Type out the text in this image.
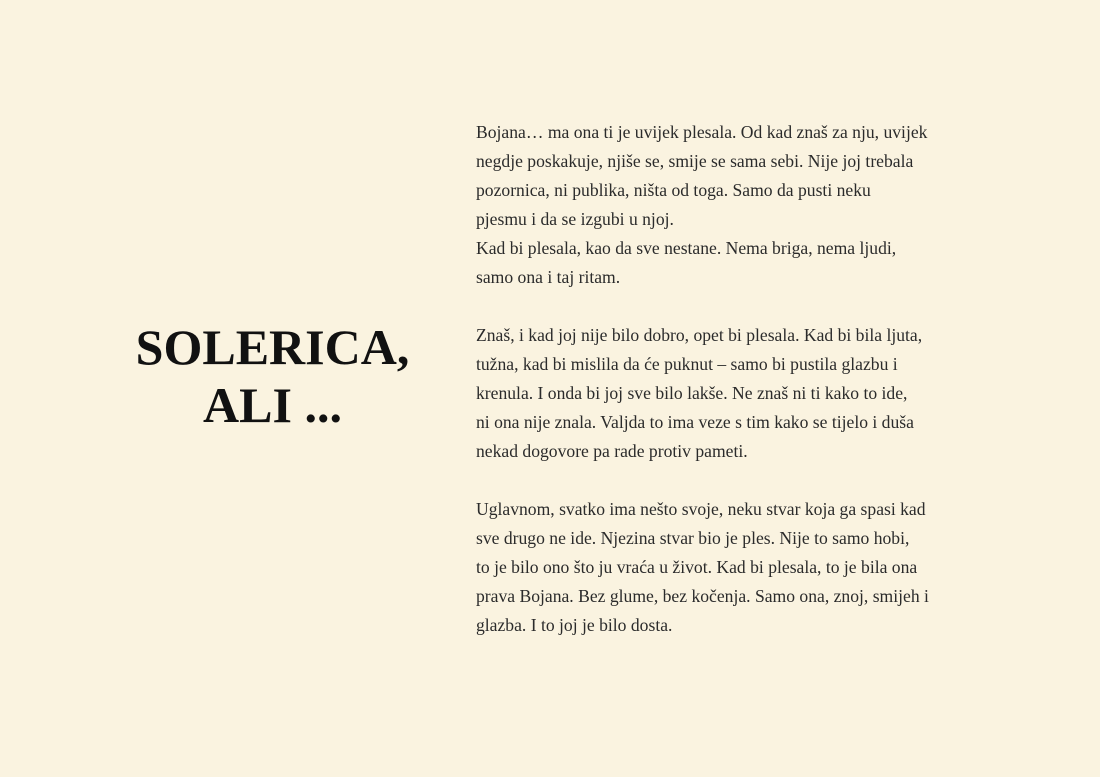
SOLERICA,
ALI ...

Bojana… ma ona ti je uvijek plesala. Od kad znaš za nju, uvijek
negdje poskakuje, njiše se, smije se sama sebi. Nije joj trebala
pozornica, ni publika, ništa od toga. Samo da pusti neku
pjesmu i da se izgubi u njoj.
Kad bi plesala, kao da sve nestane. Nema briga, nema ljudi,
samo ona i taj ritam.

Znaš, i kad joj nije bilo dobro, opet bi plesala. Kad bi bila ljuta,
tužna, kad bi mislila da će puknut – samo bi pustila glazbu i
krenula. I onda bi joj sve bilo lakše. Ne znaš ni ti kako to ide,
ni ona nije znala. Valjda to ima veze s tim kako se tijelo i duša
nekad dogovore pa rade protiv pameti.

Uglavnom, svatko ima nešto svoje, neku stvar koja ga spasi kad
sve drugo ne ide. Njezina stvar bio je ples. Nije to samo hobi,
to je bilo ono što ju vraća u život. Kad bi plesala, to je bila ona
prava Bojana. Bez glume, bez kočenja. Samo ona, znoj, smijeh i
glazba. I to joj je bilo dosta.
